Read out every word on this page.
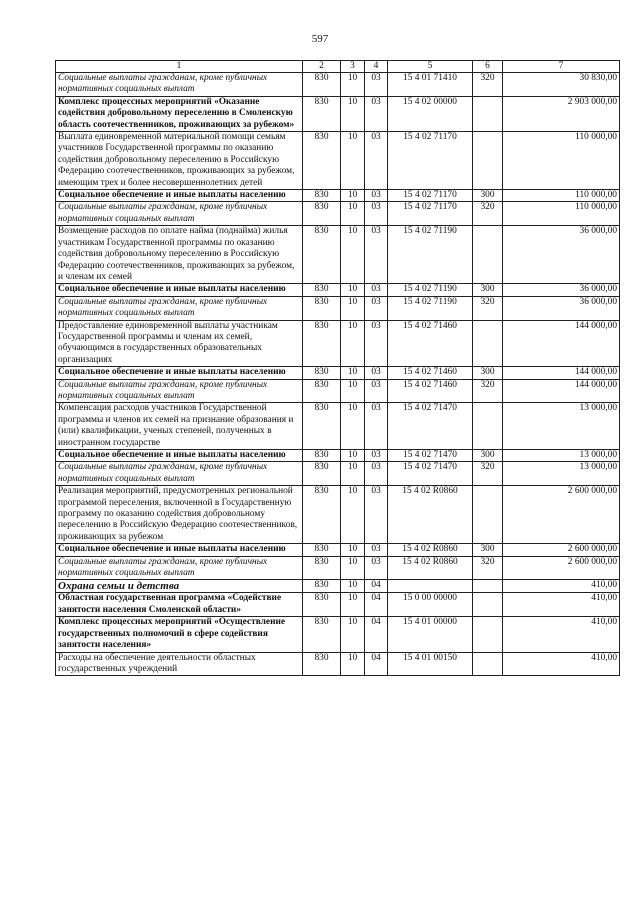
597
1	2	3	4	5	6	7
Социальные выплаты гражданам, кроме публичных нормативных социальных выплат	830	10	03	15 4 01 71410	320	30 830,00
Комплекс процессных мероприятий «Оказание содействия добровольному переселению в Смоленскую область соотечественников, проживающих за рубежом»	830	10	03	15 4 02 00000		2 903 000,00
Выплата единовременной материальной помощи семьям участников Государственной программы по оказанию содействия добровольному переселению в Российскую Федерацию соотечественников, проживающих за рубежом, имеющим трех и более несовершеннолетних детей	830	10	03	15 4 02 71170		110 000,00
Социальное обеспечение и иные выплаты населению	830	10	03	15 4 02 71170	300	110 000,00
Социальные выплаты гражданам, кроме публичных нормативных социальных выплат	830	10	03	15 4 02 71170	320	110 000,00
Возмещение расходов по оплате найма (поднайма) жилья участникам Государственной программы по оказанию содействия добровольному переселению в Российскую Федерацию соотечественников, проживающих за рубежом, и членам их семей	830	10	03	15 4 02 71190		36 000,00
Социальное обеспечение и иные выплаты населению	830	10	03	15 4 02 71190	300	36 000,00
Социальные выплаты гражданам, кроме публичных нормативных социальных выплат	830	10	03	15 4 02 71190	320	36 000,00
Предоставление единовременной выплаты участникам Государственной программы и членам их семей, обучающимся в государственных образовательных организациях	830	10	03	15 4 02 71460		144 000,00
Социальное обеспечение и иные выплаты населению	830	10	03	15 4 02 71460	300	144 000,00
Социальные выплаты гражданам, кроме публичных нормативных социальных выплат	830	10	03	15 4 02 71460	320	144 000,00
Компенсация расходов участников Государственной программы и членов их семей на признание образования и (или) квалификации, ученых степеней, полученных в иностранном государстве	830	10	03	15 4 02 71470		13 000,00
Социальное обеспечение и иные выплаты населению	830	10	03	15 4 02 71470	300	13 000,00
Социальные выплаты гражданам, кроме публичных нормативных социальных выплат	830	10	03	15 4 02 71470	320	13 000,00
Реализация мероприятий, предусмотренных региональной программой переселения, включенной в Государственную программу по оказанию содействия добровольному переселению в Российскую Федерацию соотечественников, проживающих за рубежом	830	10	03	15 4 02 R0860		2 600 000,00
Социальное обеспечение и иные выплаты населению	830	10	03	15 4 02 R0860	300	2 600 000,00
Социальные выплаты гражданам, кроме публичных нормативных социальных выплат	830	10	03	15 4 02 R0860	320	2 600 000,00
Охрана семьи и детства	830	10	04			410,00
Областная государственная программа «Содействие занятости населения Смоленской области»	830	10	04	15 0 00 00000		410,00
Комплекс процессных мероприятий «Осуществление государственных полномочий в сфере содействия занятости населения»	830	10	04	15 4 01 00000		410,00
Расходы на обеспечение деятельности областных государственных учреждений	830	10	04	15 4 01 00150		410,00
